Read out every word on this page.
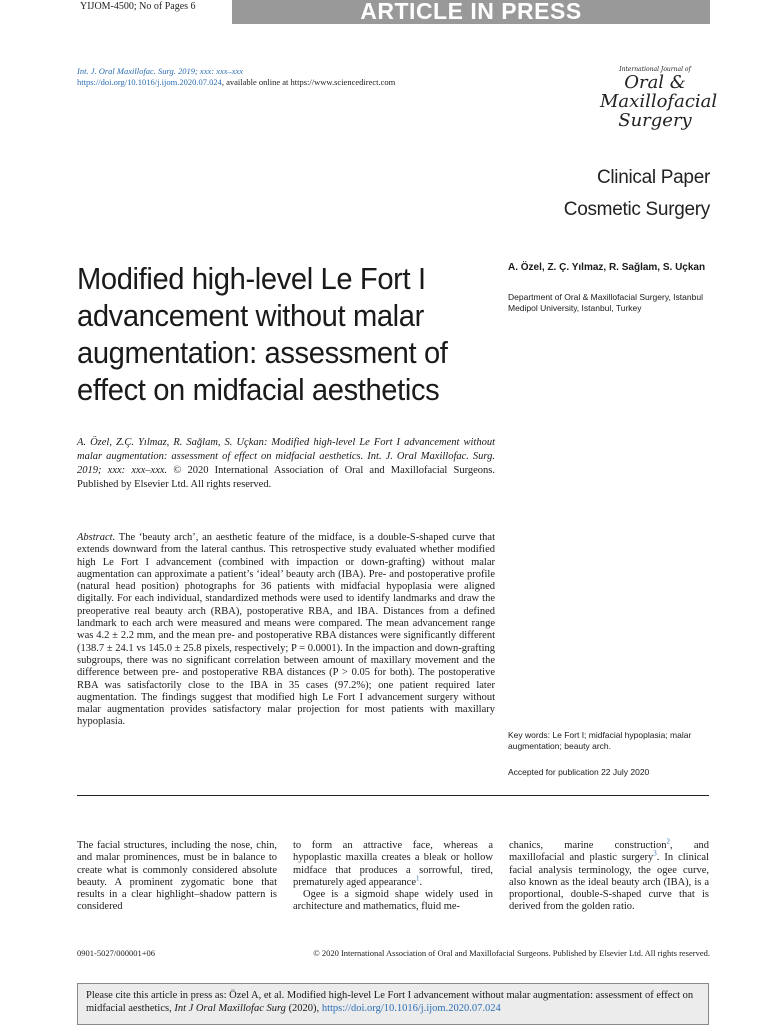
YIJOM-4500; No of Pages 6	ARTICLE IN PRESS
Int. J. Oral Maxillofac. Surg. 2019; xxx: xxx–xxx
https://doi.org/10.1016/j.ijom.2020.07.024, available online at https://www.sciencedirect.com
International Journal of
Oral &
Maxillofacial
Surgery
Clinical Paper
Cosmetic Surgery
Modified high-level Le Fort I advancement without malar augmentation: assessment of effect on midfacial aesthetics
A. Özel, Z. Ç. Yılmaz, R. Sağlam, S. Uçkan
Department of Oral & Maxillofacial Surgery, Istanbul Medipol University, Istanbul, Turkey
A. Özel, Z.Ç. Yılmaz, R. Sağlam, S. Uçkan: Modified high-level Le Fort I advancement without malar augmentation: assessment of effect on midfacial aesthetics. Int. J. Oral Maxillofac. Surg. 2019; xxx: xxx–xxx. © 2020 International Association of Oral and Maxillofacial Surgeons. Published by Elsevier Ltd. All rights reserved.
Abstract. The ‘beauty arch’, an aesthetic feature of the midface, is a double-S-shaped curve that extends downward from the lateral canthus. This retrospective study evaluated whether modified high Le Fort I advancement (combined with impaction or down-grafting) without malar augmentation can approximate a patient’s ‘ideal’ beauty arch (IBA). Pre- and postoperative profile (natural head position) photographs for 36 patients with midfacial hypoplasia were aligned digitally. For each individual, standardized methods were used to identify landmarks and draw the preoperative real beauty arch (RBA), postoperative RBA, and IBA. Distances from a defined landmark to each arch were measured and means were compared. The mean advancement range was 4.2 ± 2.2 mm, and the mean pre- and postoperative RBA distances were significantly different (138.7 ± 24.1 vs 145.0 ± 25.8 pixels, respectively; P = 0.0001). In the impaction and down-grafting subgroups, there was no significant correlation between amount of maxillary movement and the difference between pre- and postoperative RBA distances (P > 0.05 for both). The postoperative RBA was satisfactorily close to the IBA in 35 cases (97.2%); one patient required later augmentation. The findings suggest that modified high Le Fort I advancement surgery without malar augmentation provides satisfactory malar projection for most patients with maxillary hypoplasia.
Key words: Le Fort I; midfacial hypoplasia; malar augmentation; beauty arch.
Accepted for publication 22 July 2020

The facial structures, including the nose, chin, and malar prominences, must be in balance to create what is commonly considered absolute beauty. A prominent zygomatic bone that results in a clear highlight–shadow pattern is considered

to form an attractive face, whereas a hypoplastic maxilla creates a bleak or hollow midface that produces a sorrowful, tired, prematurely aged appearance$^1$.

Ogee is a sigmoid shape widely used in architecture and mathematics, fluid me-

chanics, marine construction$^2$, and maxillofacial and plastic surgery$^3$. In clinical facial analysis terminology, the ogee curve, also known as the ideal beauty arch (IBA), is a proportional, double-S-shaped curve that is derived from the golden ratio.

0901-5027/000001+06	© 2020 International Association of Oral and Maxillofacial Surgeons. Published by Elsevier Ltd. All rights reserved.
Please cite this article in press as: Özel A, et al. Modified high-level Le Fort I advancement without malar augmentation: assessment of effect on midfacial aesthetics, Int J Oral Maxillofac Surg (2020), https://doi.org/10.1016/j.ijom.2020.07.024
